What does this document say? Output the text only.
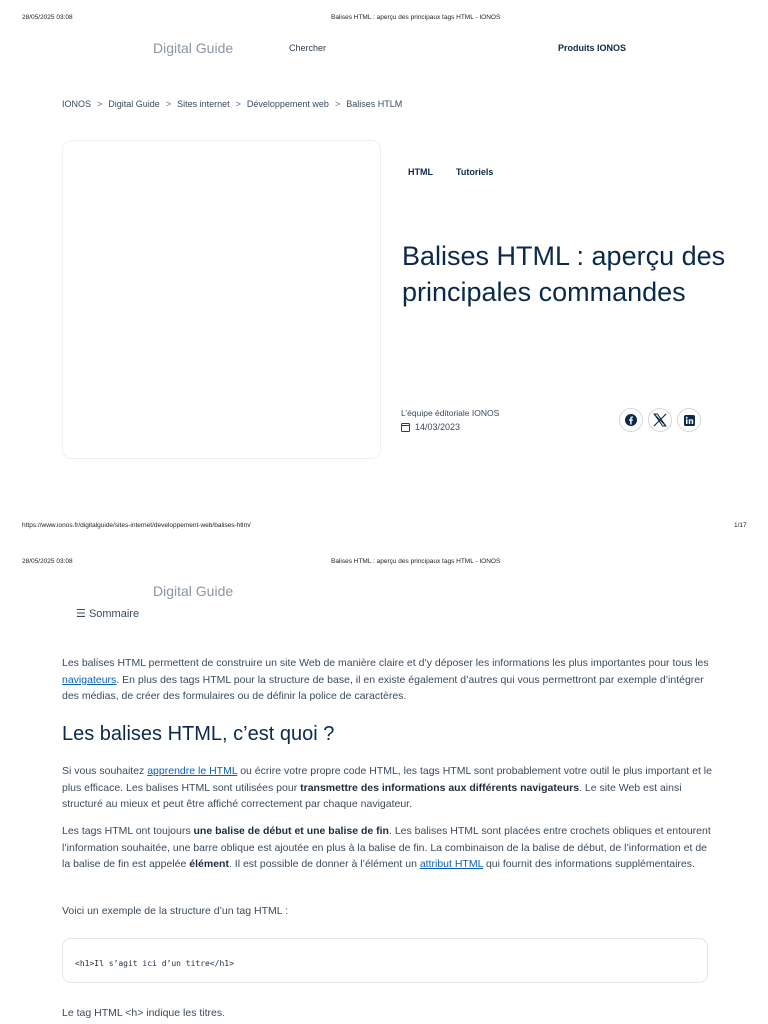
28/05/2025 03:08	Balises HTML : aperçu des principaux tags HTML - IONOS
Digital Guide	Chercher	Produits IONOS
IONOS > Digital Guide > Sites internet > Développement web > Balises HTLM
HTML	Tutoriels
Balises HTML : aperçu des principales commandes
L’équipe éditoriale IONOS
14/03/2023
https://www.ionos.fr/digitalguide/sites-internet/developpement-web/balises-htlm/	1/17
28/05/2025 03:08	Balises HTML : aperçu des principaux tags HTML - IONOS
Digital Guide
☰ Sommaire

Les balises HTML permettent de construire un site Web de manière claire et d’y déposer les informations les plus importantes pour tous les navigateurs. En plus des tags HTML pour la structure de base, il en existe également d’autres qui vous permettront par exemple d’intégrer des médias, de créer des formulaires ou de définir la police de caractères.

Les balises HTML, c’est quoi ?

Si vous souhaitez apprendre le HTML ou écrire votre propre code HTML, les tags HTML sont probablement votre outil le plus important et le plus efficace. Les balises HTML sont utilisées pour transmettre des informations aux différents navigateurs. Le site Web est ainsi structuré au mieux et peut être affiché correctement par chaque navigateur.

Les tags HTML ont toujours une balise de début et une balise de fin. Les balises HTML sont placées entre crochets obliques et entourent l’information souhaitée, une barre oblique est ajoutée en plus à la balise de fin. La combinaison de la balise de début, de l’information et de la balise de fin est appelée élément. Il est possible de donner à l’élément un attribut HTML qui fournit des informations supplémentaires.

Voici un exemple de la structure d’un tag HTML :

<h1>Il s’agit ici d’un titre</h1>

Le tag HTML <h> indique les titres.
